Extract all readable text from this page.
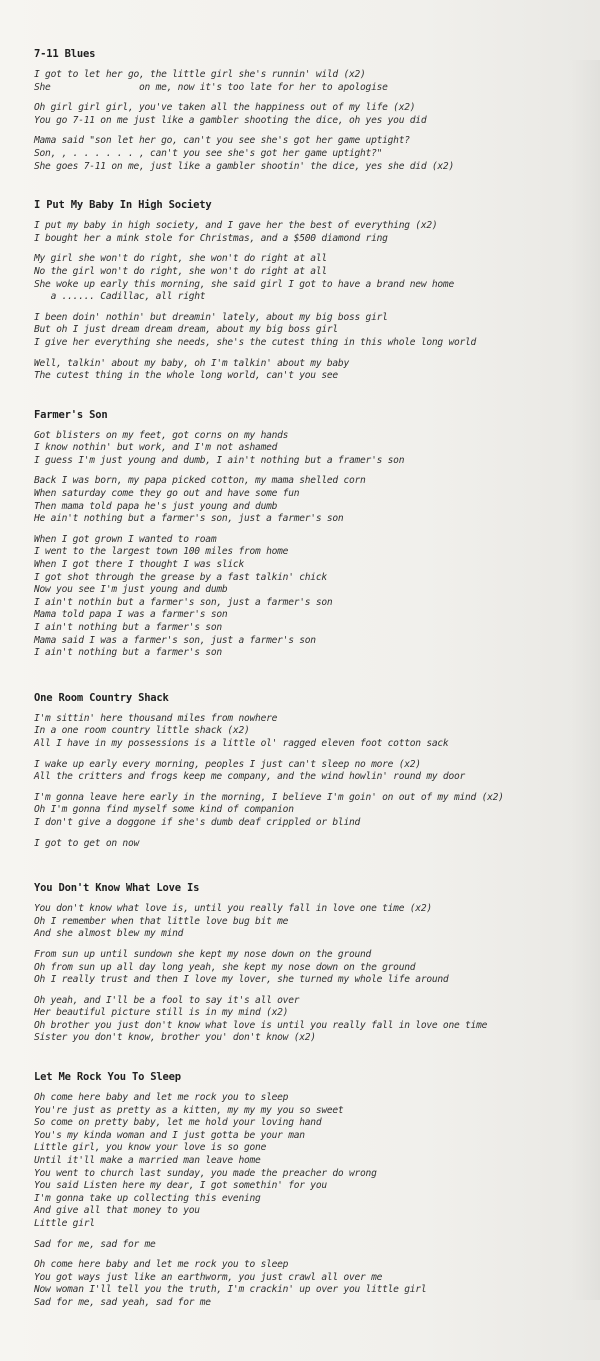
7-11 Blues
I got to let her go, the little girl she's runnin' wild (x2)
She                on me, now it's too late for her to apologise
Oh girl girl girl, you've taken all the happiness out of my life (x2)
You go 7-11 on me just like a gambler shooting the dice, oh yes you did
Mama said "son let her go, can't you see she's got her game uptight?
Son, , . . . . . . , can't you see she's got her game uptight?"
She goes 7-11 on me, just like a gambler shootin' the dice, yes she did (x2)
I Put My Baby In High Society
I put my baby in high society, and I gave her the best of everything (x2)
I bought her a mink stole for Christmas, and a $500 diamond ring
My girl she won't do right, she won't do right at all
No the girl won't do right, she won't do right at all
She woke up early this morning, she said girl I got to have a brand new home
a ...... Cadillac, all right
I been doin' nothin' but dreamin' lately, about my big boss girl
But oh I just dream dream dream, about my big boss girl
I give her everything she needs, she's the cutest thing in this whole long world
Well, talkin' about my baby, oh I'm talkin' about my baby
The cutest thing in the whole long world, can't you see
Farmer's Son
Got blisters on my feet, got corns on my hands
I know nothin' but work, and I'm not ashamed
I guess I'm just young and dumb, I ain't nothing but a framer's son
Back I was born, my papa picked cotton, my mama shelled corn
When saturday come they go out and have some fun
Then mama told papa he's just young and dumb
He ain't nothing but a farmer's son, just a farmer's son
When I got grown I wanted to roam
I went to the largest town 100 miles from home
When I got there I thought I was slick
I got shot through the grease by a fast talkin' chick
Now you see I'm just young and dumb
I ain't nothin but a farmer's son, just a farmer's son
Mama told papa I was a farmer's son
I ain't nothing but a farmer's son
Mama said I was a farmer's son, just a farmer's son
I ain't nothing but a farmer's son
One Room Country Shack
I'm sittin' here thousand miles from nowhere
In a one room country little shack (x2)
All I have in my possessions is a little ol' ragged eleven foot cotton sack
I wake up early every morning, peoples I just can't sleep no more (x2)
All the critters and frogs keep me company, and the wind howlin' round my door
I'm gonna leave here early in the morning, I believe I'm goin' on out of my mind (x2)
Oh I'm gonna find myself some kind of companion
I don't give a doggone if she's dumb deaf crippled or blind
I got to get on now
You Don't Know What Love Is
You don't know what love is, until you really fall in love one time (x2)
Oh I remember when that little love bug bit me
And she almost blew my mind
From sun up until sundown she kept my nose down on the ground
Oh from sun up all day long yeah, she kept my nose down on the ground
Oh I really trust and then I love my lover, she turned my whole life around
Oh yeah, and I'll be a fool to say it's all over
Her beautiful picture still is in my mind (x2)
Oh brother you just don't know what love is until you really fall in love one time
Sister you don't know, brother you' don't know (x2)
Let Me Rock You To Sleep
Oh come here baby and let me rock you to sleep
You're just as pretty as a kitten, my my my you so sweet
So come on pretty baby, let me hold your loving hand
You's my kinda woman and I just gotta be your man
Little girl, you know your love is so gone
Until it'll make a married man leave home
You went to church last sunday, you made the preacher do wrong
You said Listen here my dear, I got somethin' for you
I'm gonna take up collecting this evening
And give all that money to you
Little girl
Sad for me, sad for me
Oh come here baby and let me rock you to sleep
You got ways just like an earthworm, you just crawl all over me
Now woman I'll tell you the truth, I'm crackin' up over you little girl
Sad for me, sad yeah, sad for me
